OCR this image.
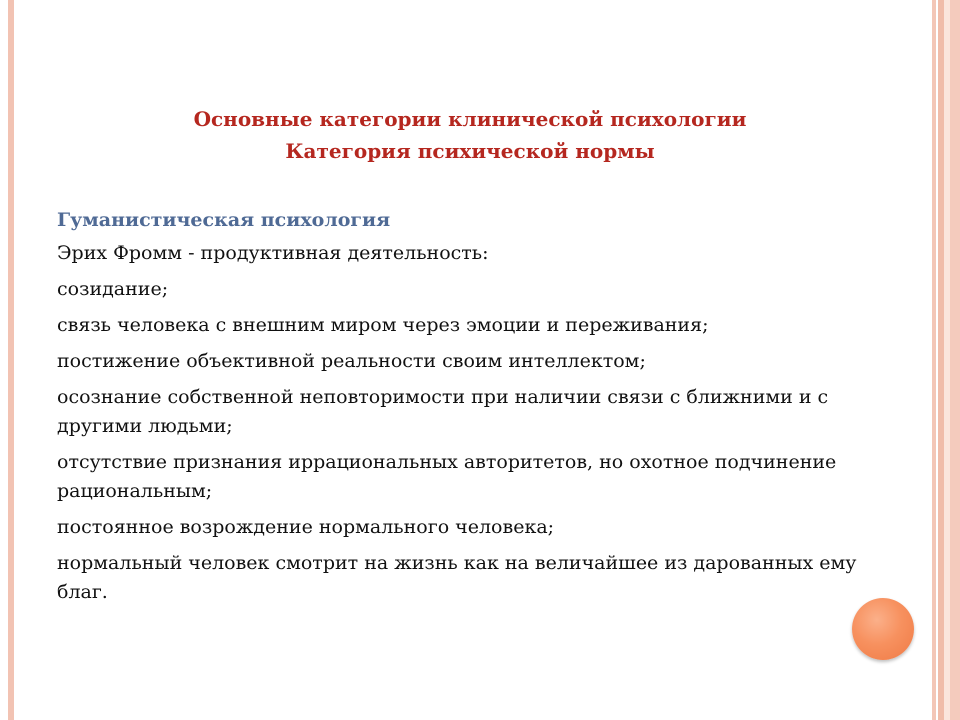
Основные категории клинической психологии
Категория психической нормы
Гуманистическая психология
Эрих Фромм - продуктивная деятельность:
созидание;
связь человека с внешним миром через эмоции и переживания;
постижение объективной реальности своим интеллектом;
осознание собственной неповторимости при наличии связи с ближними и с другими людьми;
отсутствие признания иррациональных авторитетов, но охотное подчинение рациональным;
постоянное возрождение нормального человека;
нормальный человек смотрит на жизнь как на величайшее из дарованных ему благ.
